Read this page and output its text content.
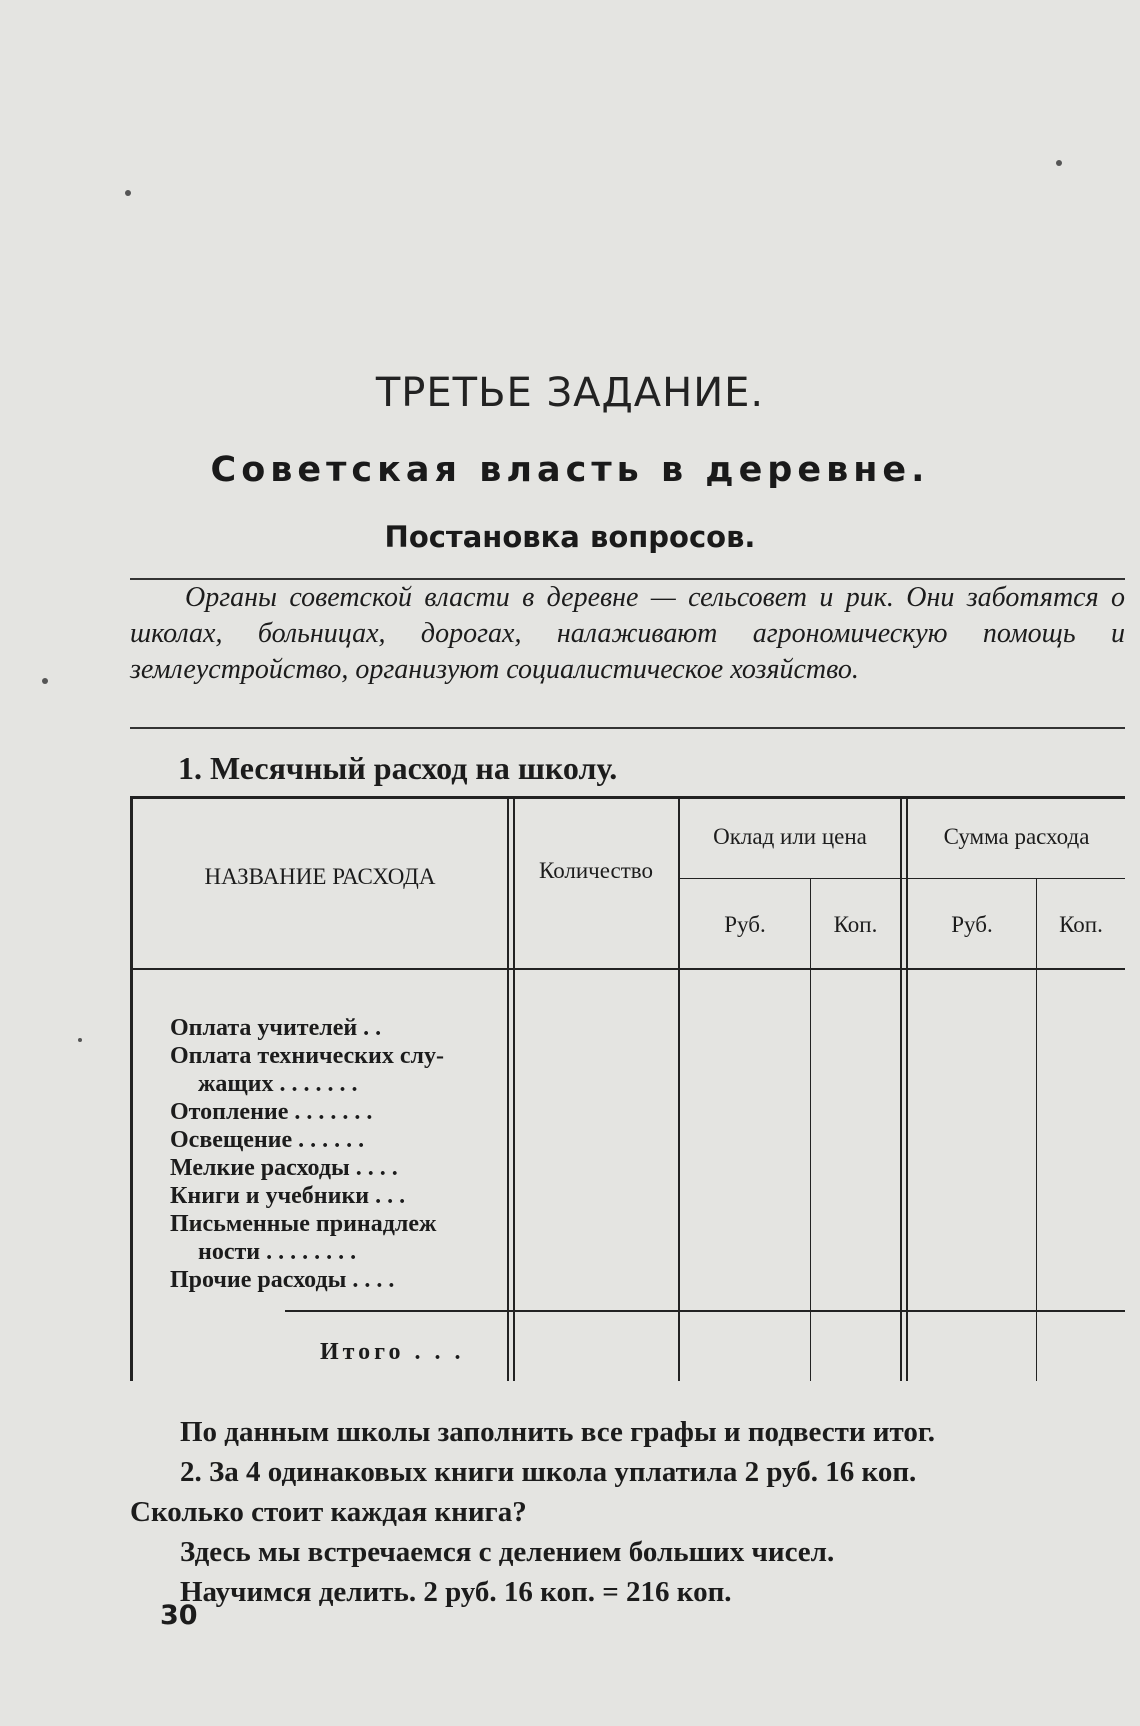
ТРЕТЬЕ ЗАДАНИЕ.
Советская власть в деревне.
Постановка вопросов.

Органы советской власти в деревне — сельсовет и рик. Они заботятся о школах, больницах, дорогах, налаживают агрономическую помощь и землеустройство, организуют социалистическое хозяйство.

1. Месячный расход на школу.
НАЗВАНИЕ РАСХОДА	Количество
Оклад или цена	Сумма расхода
Руб.	Коп.	Руб.	Коп.
Оплата учителей . .
Оплата технических слу-
жащих . . . . . . .
Отопление . . . . . . .
Освещение . . . . . .
Мелкие расходы . . . .
Книги и учебники . . .
Письменные принадлеж
ности . . . . . . . .
Прочие расходы . . . .
Итого . . .

По данным школы заполнить все графы и подвести итог.

2. За 4 одинаковых книги школа уплатила 2 руб. 16 коп.

Сколько стоит каждая книга?

Здесь мы встречаемся с делением больших чисел.

Научимся делить. 2 руб. 16 коп. = 216 коп.

30
